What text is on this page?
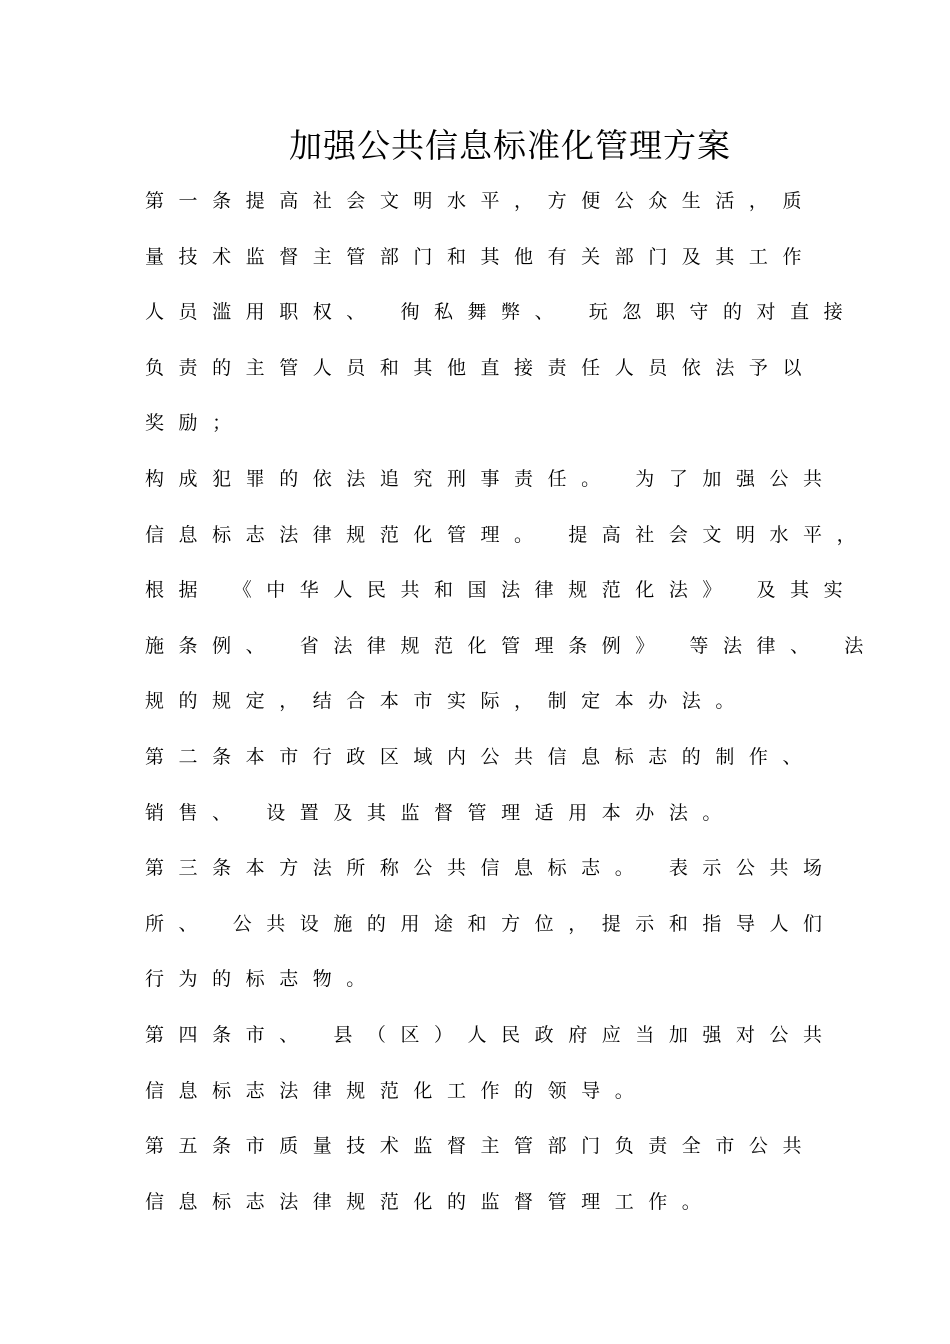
加强公共信息标准化管理方案
第一条提高社会文明水平，方便公众生活，质
量技术监督主管部门和其他有关部门及其工作
人员滥用职权、 徇私舞弊、 玩忽职守的对直接
负责的主管人员和其他直接责任人员依法予以
奖励；
构成犯罪的依法追究刑事责任。 为了加强公共
信息标志法律规范化管理。 提高社会文明水平，
根据 《中华人民共和国法律规范化法》 及其实
施条例、 省法律规范化管理条例》 等法律、 法
规的规定，结合本市实际，制定本办法。
第二条本市行政区域内公共信息标志的制作、
销售、 设置及其监督管理适用本办法。
第三条本方法所称公共信息标志。 表示公共场
所、 公共设施的用途和方位，提示和指导人们
行为的标志物。
第四条市、 县（区）人民政府应当加强对公共
信息标志法律规范化工作的领导。
第五条市质量技术监督主管部门负责全市公共
信息标志法律规范化的监督管理工作。
